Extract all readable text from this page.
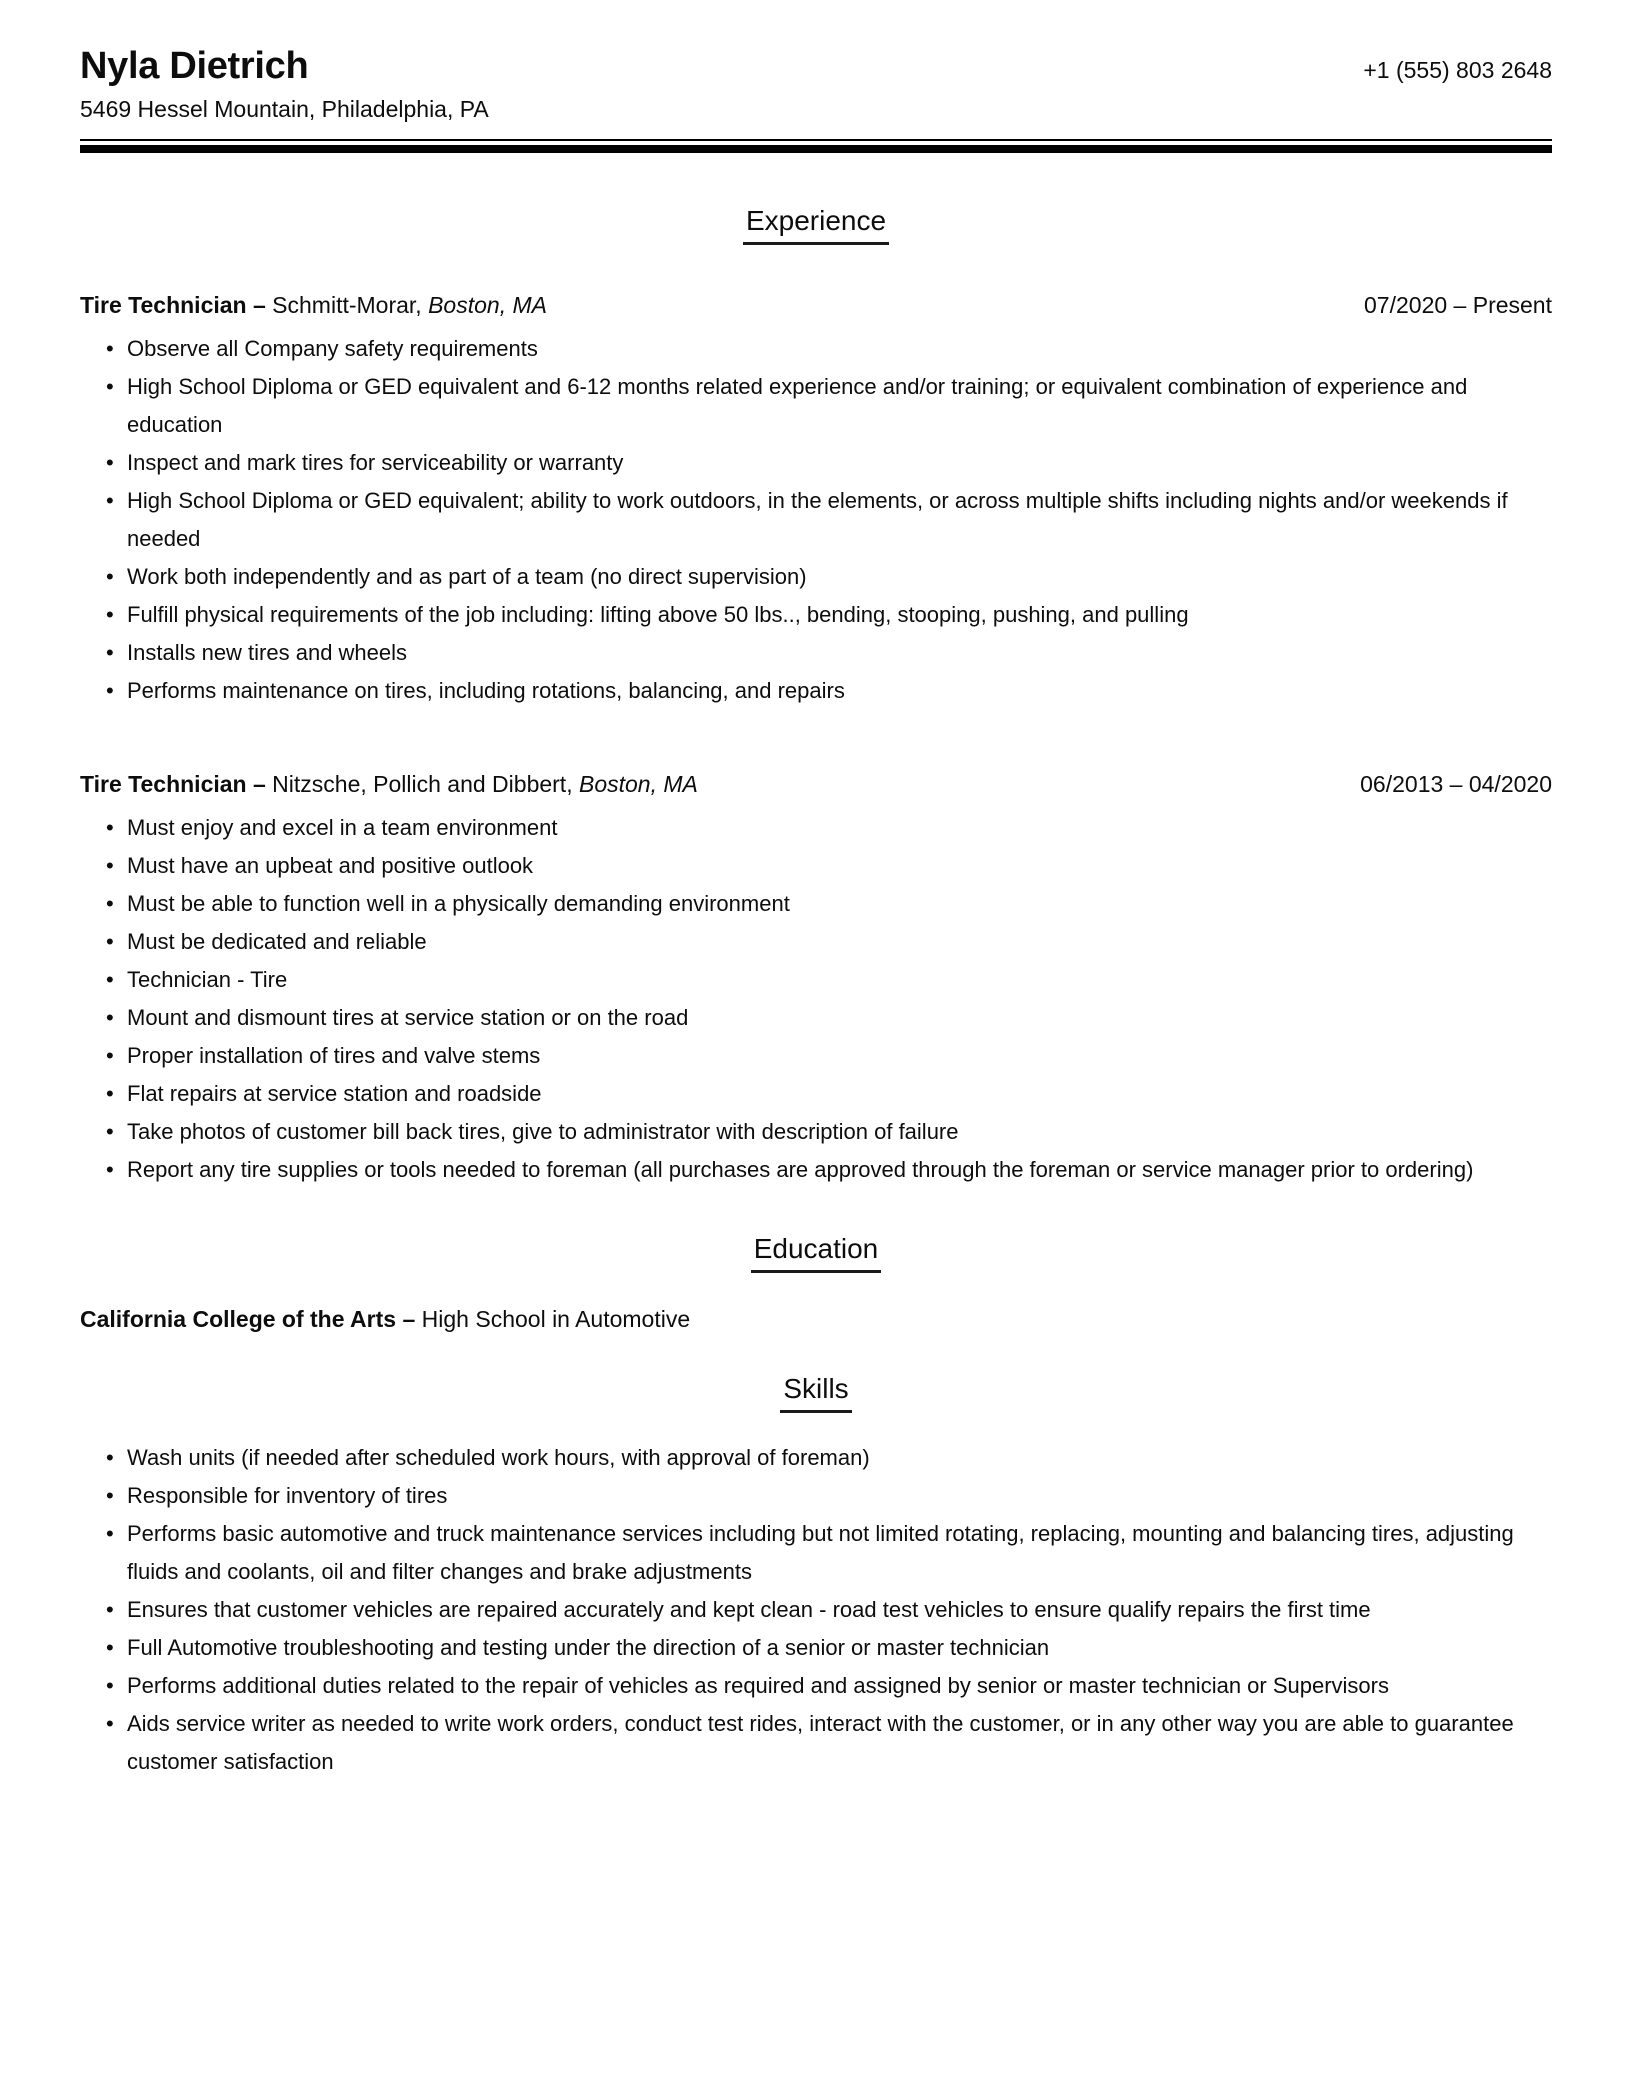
Nyla Dietrich	+1 (555) 803 2648
5469 Hessel Mountain, Philadelphia, PA
Experience
Tire Technician – Schmitt-Morar, Boston, MA	07/2020 – Present
• Observe all Company safety requirements
• High School Diploma or GED equivalent and 6-12 months related experience and/or training; or equivalent combination of experience and education
• Inspect and mark tires for serviceability or warranty
• High School Diploma or GED equivalent; ability to work outdoors, in the elements, or across multiple shifts including nights and/or weekends if needed
• Work both independently and as part of a team (no direct supervision)
• Fulfill physical requirements of the job including: lifting above 50 lbs.., bending, stooping, pushing, and pulling
• Installs new tires and wheels
• Performs maintenance on tires, including rotations, balancing, and repairs
Tire Technician – Nitzsche, Pollich and Dibbert, Boston, MA	06/2013 – 04/2020
• Must enjoy and excel in a team environment
• Must have an upbeat and positive outlook
• Must be able to function well in a physically demanding environment
• Must be dedicated and reliable
• Technician - Tire
• Mount and dismount tires at service station or on the road
• Proper installation of tires and valve stems
• Flat repairs at service station and roadside
• Take photos of customer bill back tires, give to administrator with description of failure
• Report any tire supplies or tools needed to foreman (all purchases are approved through the foreman or service manager prior to ordering)
Education
California College of the Arts – High School in Automotive
Skills
• Wash units (if needed after scheduled work hours, with approval of foreman)
• Responsible for inventory of tires
• Performs basic automotive and truck maintenance services including but not limited rotating, replacing, mounting and balancing tires, adjusting fluids and coolants, oil and filter changes and brake adjustments
• Ensures that customer vehicles are repaired accurately and kept clean - road test vehicles to ensure qualify repairs the first time
• Full Automotive troubleshooting and testing under the direction of a senior or master technician
• Performs additional duties related to the repair of vehicles as required and assigned by senior or master technician or Supervisors
• Aids service writer as needed to write work orders, conduct test rides, interact with the customer, or in any other way you are able to guarantee customer satisfaction
